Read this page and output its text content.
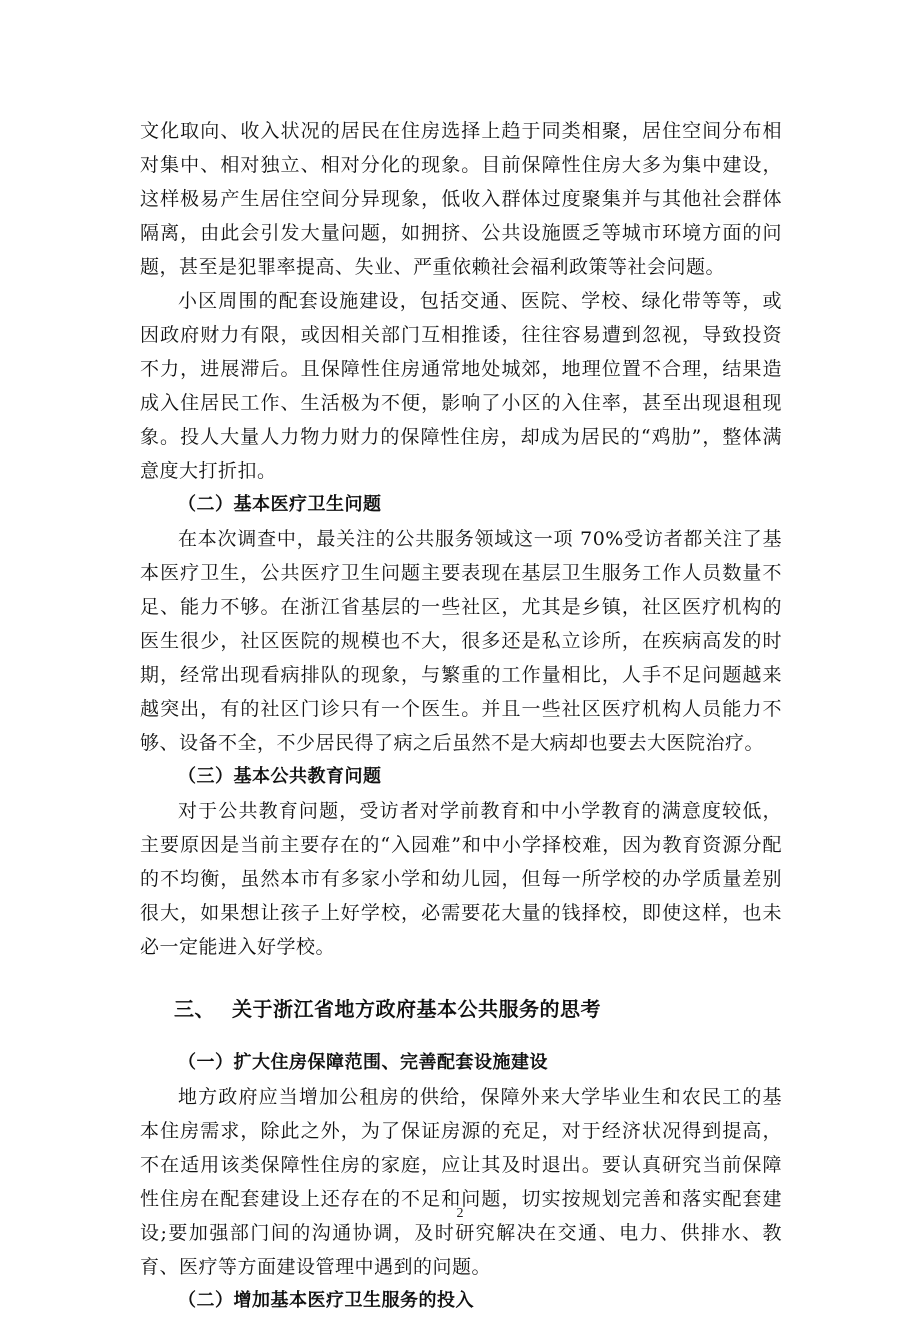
文化取向、收入状况的居民在住房选择上趋于同类相聚，居住空间分布相对集中、相对独立、相对分化的现象。目前保障性住房大多为集中建设，这样极易产生居住空间分异现象，低收入群体过度聚集并与其他社会群体隔离，由此会引发大量问题，如拥挤、公共设施匮乏等城市环境方面的问题，甚至是犯罪率提高、失业、严重依赖社会福利政策等社会问题。

小区周围的配套设施建设，包括交通、医院、学校、绿化带等等，或因政府财力有限，或因相关部门互相推诿，往往容易遭到忽视，导致投资不力，进展滞后。且保障性住房通常地处城郊，地理位置不合理，结果造成入住居民工作、生活极为不便，影响了小区的入住率，甚至出现退租现象。投人大量人力物力财力的保障性住房，却成为居民的“鸡肋”，整体满意度大打折扣。

（二）基本医疗卫生问题

在本次调查中，最关注的公共服务领域这一项 70%受访者都关注了基本医疗卫生，公共医疗卫生问题主要表现在基层卫生服务工作人员数量不足、能力不够。在浙江省基层的一些社区，尤其是乡镇，社区医疗机构的医生很少，社区医院的规模也不大，很多还是私立诊所，在疾病高发的时期，经常出现看病排队的现象，与繁重的工作量相比，人手不足问题越来越突出，有的社区门诊只有一个医生。并且一些社区医疗机构人员能力不够、设备不全，不少居民得了病之后虽然不是大病却也要去大医院治疗。

（三）基本公共教育问题

对于公共教育问题，受访者对学前教育和中小学教育的满意度较低，主要原因是当前主要存在的“入园难”和中小学择校难，因为教育资源分配的不均衡，虽然本市有多家小学和幼儿园，但每一所学校的办学质量差别很大，如果想让孩子上好学校，必需要花大量的钱择校，即使这样，也未必一定能进入好学校。

三、 关于浙江省地方政府基本公共服务的思考

（一）扩大住房保障范围、完善配套设施建设

地方政府应当增加公租房的供给，保障外来大学毕业生和农民工的基本住房需求，除此之外，为了保证房源的充足，对于经济状况得到提高，不在适用该类保障性住房的家庭，应让其及时退出。要认真研究当前保障性住房在配套建设上还存在的不足和问题，切实按规划完善和落实配套建设;要加强部门间的沟通协调，及时研究解决在交通、电力、供排水、教育、医疗等方面建设管理中遇到的问题。

（二）增加基本医疗卫生服务的投入

2
